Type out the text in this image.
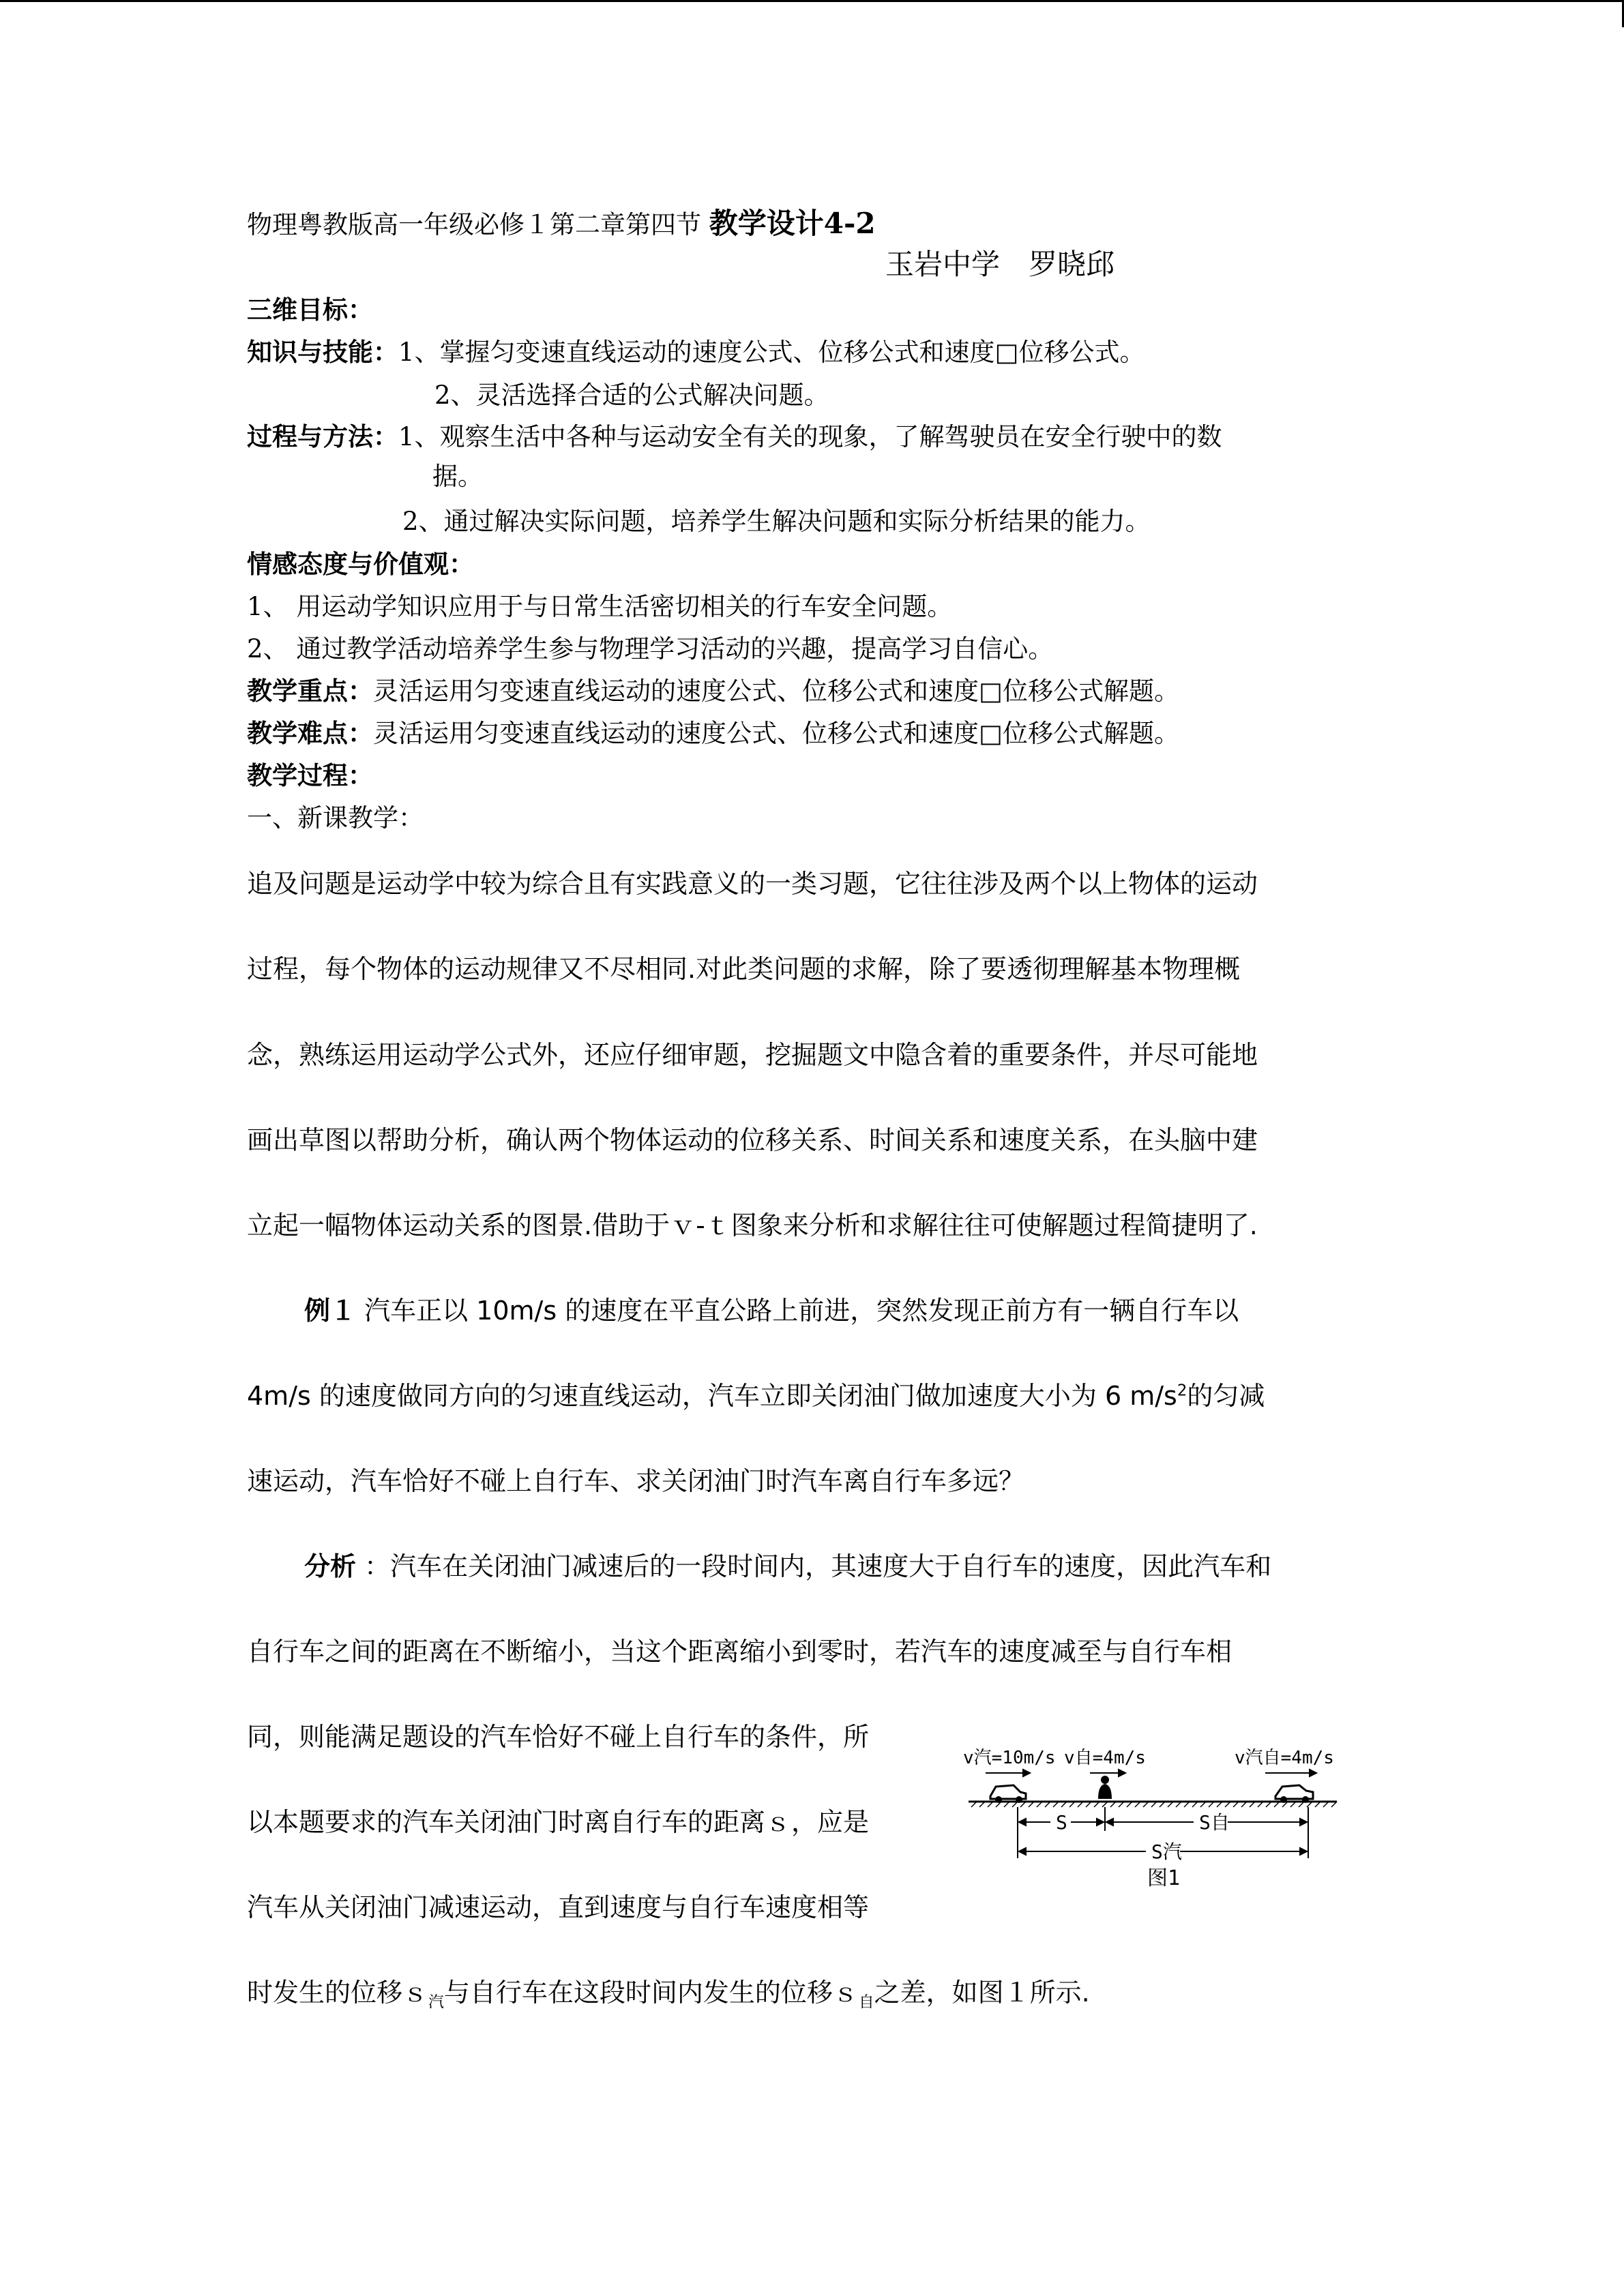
物理粤教版高一年级必修１第二章第四节 教学设计4-2
玉岩中学　罗晓邱
三维目标：
知识与技能：1、掌握匀变速直线运动的速度公式、位移公式和速度□位移公式。
2、灵活选择合适的公式解决问题。
过程与方法：1、观察生活中各种与运动安全有关的现象，了解驾驶员在安全行驶中的数
据。
2、通过解决实际问题，培养学生解决问题和实际分析结果的能力。
情感态度与价值观：
1、 用运动学知识应用于与日常生活密切相关的行车安全问题。
2、 通过教学活动培养学生参与物理学习活动的兴趣，提高学习自信心。
教学重点：灵活运用匀变速直线运动的速度公式、位移公式和速度□位移公式解题。
教学难点：灵活运用匀变速直线运动的速度公式、位移公式和速度□位移公式解题。
教学过程：
一、新课教学：
追及问题是运动学中较为综合且有实践意义的一类习题，它往往涉及两个以上物体的运动
过程，每个物体的运动规律又不尽相同.对此类问题的求解，除了要透彻理解基本物理概
念，熟练运用运动学公式外，还应仔细审题，挖掘题文中隐含着的重要条件，并尽可能地
画出草图以帮助分析，确认两个物体运动的位移关系、时间关系和速度关系，在头脑中建
立起一幅物体运动关系的图景.借助于ｖ-ｔ图象来分析和求解往往可使解题过程简捷明了.
例１ 汽车正以 10m/s 的速度在平直公路上前进，突然发现正前方有一辆自行车以
4m/s 的速度做同方向的匀速直线运动，汽车立即关闭油门做加速度大小为 6 $m/s^2$的匀减
速运动，汽车恰好不碰上自行车、求关闭油门时汽车离自行车多远？
分析 ：汽车在关闭油门减速后的一段时间内，其速度大于自行车的速度，因此汽车和
自行车之间的距离在不断缩小，当这个距离缩小到零时，若汽车的速度减至与自行车相
同，则能满足题设的汽车恰好不碰上自行车的条件，所
以本题要求的汽车关闭油门时离自行车的距离ｓ，应是
汽车从关闭油门减速运动，直到速度与自行车速度相等
时发生的位移ｓ$_汽$与自行车在这段时间内发生的位移ｓ$_自$之差，如图１所示.
v汽=10m/s v自=4m/s	v汽自=4m/s
S	S自
S汽
图1
